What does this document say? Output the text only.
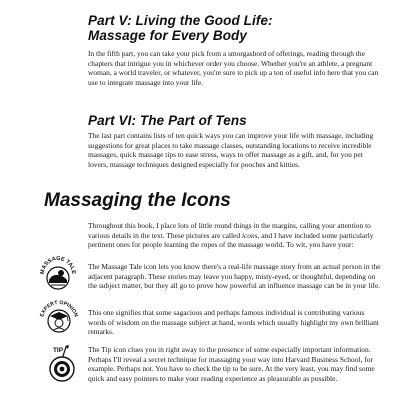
Part V: Living the Good Life:
Massage for Every Body

In the fifth part, you can take your pick from a smorgasbord of offerings, reading through the chapters that intrigue you in whichever order you choose. Whether you're an athlete, a pregnant woman, a world traveler, or whatever, you're sure to pick up a ton of useful info here that you can use to integrate massage into your life.

Part VI: The Part of Tens

The last part contains lists of ten quick ways you can improve your life with massage, including suggestions for great places to take massage classes, outstanding locations to receive incredible massages, quick massage tips to ease stress, ways to offer massage as a gift, and, for you pet lovers, massage techniques designed especially for pooches and kitties.

Massaging the Icons

Throughout this book, I place lots of little round things in the margins, calling your attention to various details in the text. These pictures are called icons, and I have included some particularly pertinent ones for people learning the ropes of the massage world. To wit, you have your:

MASSAGE TALE

The Massage Tale icon lets you know there's a real-life massage story from an actual person in the adjacent paragraph. These stories may leave you happy, misty-eyed, or thoughtful, depending on the subject matter, but they all go to prove how powerful an influence massage can be in your life.

EXPERT OPINION This one signifies that some sagacious and perhaps famous individual is contributing various words of wisdom on the massage subject at hand, words which usually highlight my own brilliant remarks.

TIP	The Tip icon clues you in right away to the presence of some especially important information. Perhaps I'll reveal a secret technique for massaging your way into Harvard Business School, for example. Perhaps not. You have to check the tip to be sure. At the very least, you may find some quick and easy pointers to make your reading experience as pleasurable as possible.
